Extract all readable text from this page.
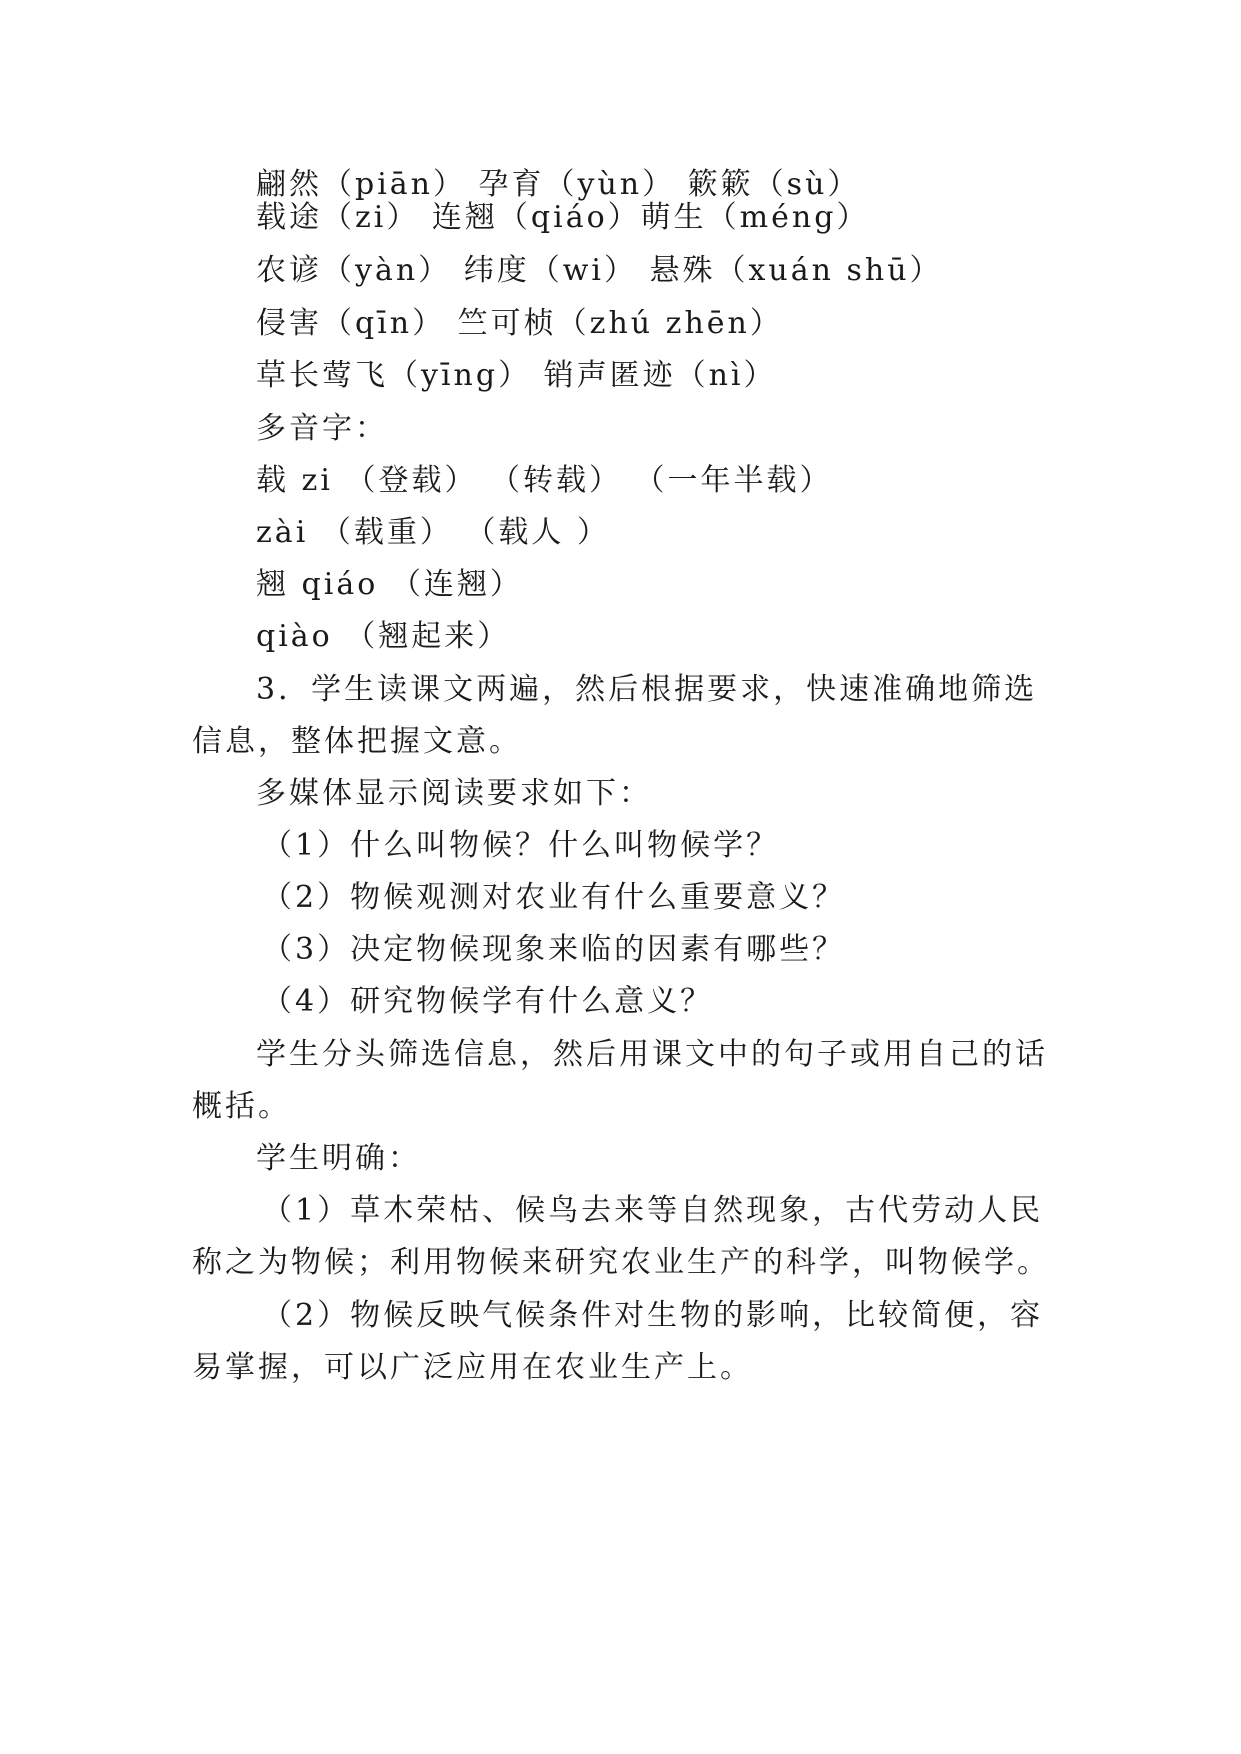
翩然（piān） 孕育（yùn） 簌簌（sù）
载途（zi） 连翘（qiáo）萌生（méng）
农谚（yàn） 纬度（wi） 悬殊（xuán shū）
侵害（qīn） 竺可桢（zhú zhēn）
草长莺飞（yīng） 销声匿迹（nì）
多音字：
载 zi （登载） （转载） （一年半载）
zài （载重） （载人 ）
翘 qiáo （连翘）
qiào （翘起来）
3．学生读课文两遍，然后根据要求，快速准确地筛选
信息，整体把握文意。
多媒体显示阅读要求如下：
（1）什么叫物候？什么叫物候学？
（2）物候观测对农业有什么重要意义？
（3）决定物候现象来临的因素有哪些？
（4）研究物候学有什么意义？
学生分头筛选信息，然后用课文中的句子或用自己的话
概括。
学生明确：
（1）草木荣枯、候鸟去来等自然现象，古代劳动人民
称之为物候；利用物候来研究农业生产的科学，叫物候学。
（2）物候反映气候条件对生物的影响，比较简便，容
易掌握，可以广泛应用在农业生产上。
